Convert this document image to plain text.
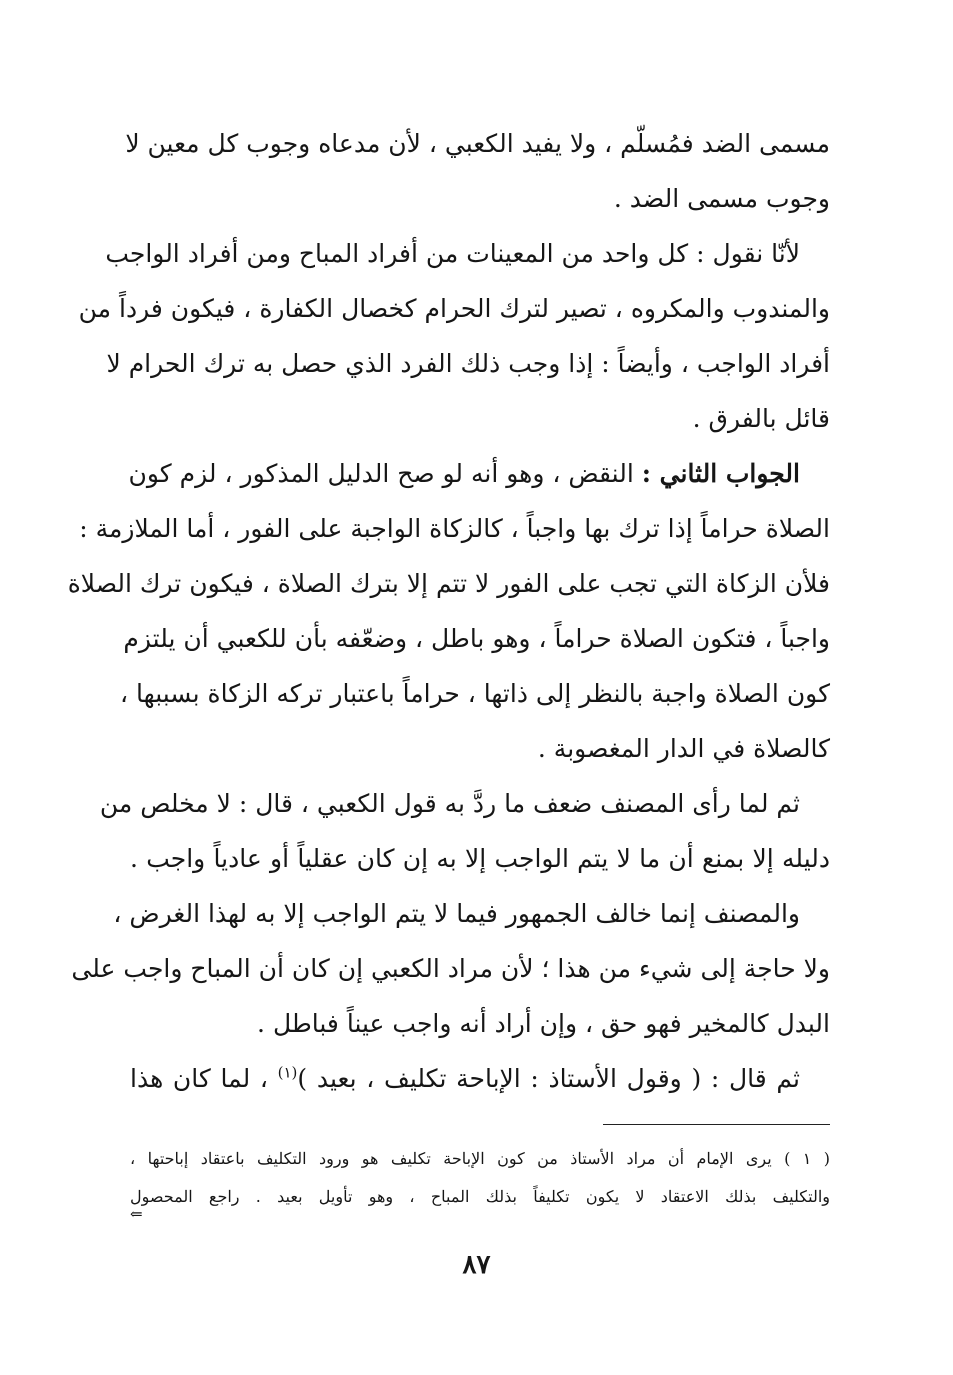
مسمى الضد فمُسلّم ، ولا يفيد الكعبي ، لأن مدعاه وجوب كل معين لا
وجوب مسمى الضد .
لأنّا نقول : كل واحد من المعينات من أفراد المباح ومن أفراد الواجب
والمندوب والمكروه ، تصير لترك الحرام كخصال الكفارة ، فيكون فرداً من
أفراد الواجب ، وأيضاً : إذا وجب ذلك الفرد الذي حصل به ترك الحرام لا
قائل بالفرق .
الجواب الثاني : النقض ، وهو أنه لو صح الدليل المذكور ، لزم كون
الصلاة حراماً إذا ترك بها واجباً ، كالزكاة الواجبة على الفور ، أما الملازمة :
فلأن الزكاة التي تجب على الفور لا تتم إلا بترك الصلاة ، فيكون ترك الصلاة
واجباً ، فتكون الصلاة حراماً ، وهو باطل ، وضعّفه بأن للكعبي أن يلتزم
كون الصلاة واجبة بالنظر إلى ذاتها ، حراماً باعتبار تركه الزكاة بسببها ،
كالصلاة في الدار المغصوبة .
ثم لما رأى المصنف ضعف ما ردَّ به قول الكعبي ، قال : لا مخلص من
دليله إلا بمنع أن ما لا يتم الواجب إلا به إن كان عقلياً أو عادياً واجب .
والمصنف إنما خالف الجمهور فيما لا يتم الواجب إلا به لهذا الغرض ،
ولا حاجة إلى شيء من هذا ؛ لأن مراد الكعبي إن كان أن المباح واجب على
البدل كالمخير فهو حق ، وإن أراد أنه واجب عيناً فباطل .
ثم قال : ( وقول الأستاذ : الإباحة تكليف ، بعيد )$^{(١)}$ ، لما كان هذا
( ١ ) يرى الإمام أن مراد الأستاذ من كون الإباحة تكليف هو ورود التكليف باعتقاد إباحتها ،
والتكليف بذلك الاعتقاد لا يكون تكليفاً بذلك المباح ، وهو تأويل بعيد . راجع المحصول
⇐
٨٧
